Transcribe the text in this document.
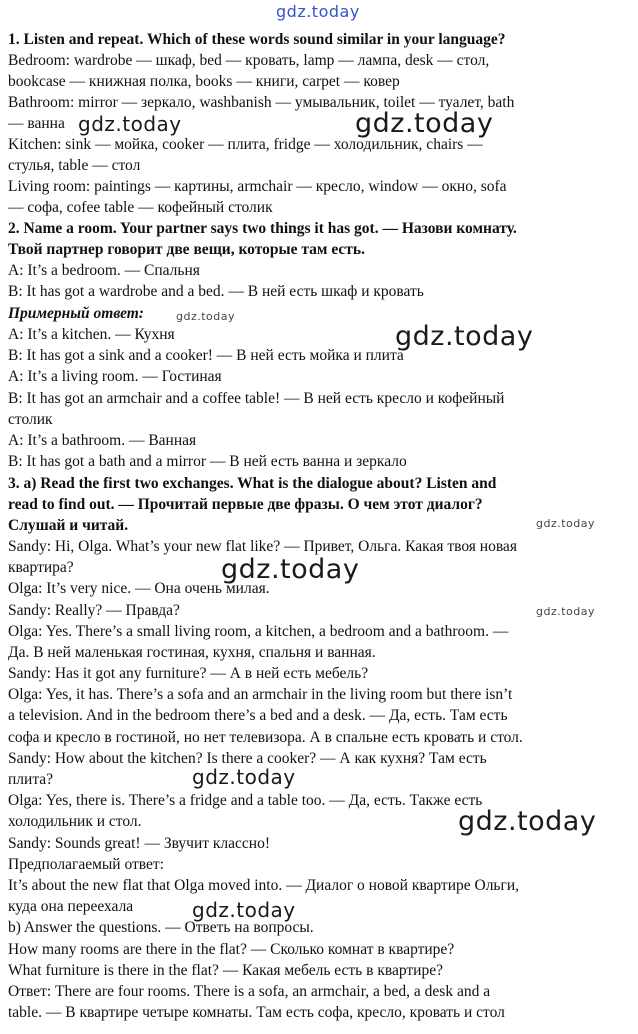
gdz.today
1. Listen and repeat. Which of these words sound similar in your language?
Bedroom: wardrobe — шкаф, bed — кровать, lamp — лампа, desk — стол,
bookcase — книжная полка, books — книги, carpet — ковер
Bathroom: mirror — зеркало, washbanish — умывальник, toilet — туалет, bath
— ванна
Kitchen: sink — мойка, cooker — плита, fridge — холодильник, chairs —
стулья, table — стол
Living room: paintings — картины, armchair — кресло, window — окно, sofa
— софа, cofee table — кофейный столик
2. Name a room. Your partner says two things it has got. — Назови комнату.
Твой партнер говорит две вещи, которые там есть.
A: It’s a bedroom. — Спальня
B: It has got a wardrobe and a bed. — В ней есть шкаф и кровать
Примерный ответ:
A: It’s a kitchen. — Кухня
B: It has got a sink and a cooker! — В ней есть мойка и плита
A: It’s a living room. — Гостиная
B: It has got an armchair and a coffee table! — В ней есть кресло и кофейный
столик
A: It’s a bathroom. — Ванная
B: It has got a bath and a mirror — В ней есть ванна и зеркало
3. a) Read the first two exchanges. What is the dialogue about? Listen and
read to find out. — Прочитай первые две фразы. О чем этот диалог?
Слушай и читай.
Sandy: Hi, Olga. What’s your new flat like? — Привет, Ольга. Какая твоя новая
квартира?
Olga: It’s very nice. — Она очень милая.
Sandy: Really? — Правда?
Olga: Yes. There’s a small living room, a kitchen, a bedroom and a bathroom. —
Да. В ней маленькая гостиная, кухня, спальня и ванная.
Sandy: Has it got any furniture? — А в ней есть мебель?
Olga: Yes, it has. There’s a sofa and an armchair in the living room but there isn’t
a television. And in the bedroom there’s a bed and a desk. — Да, есть. Там есть
софа и кресло в гостиной, но нет телевизора. А в спальне есть кровать и стол.
Sandy: How about the kitchen? Is there a cooker? — А как кухня? Там есть
плита?
Olga: Yes, there is. There’s a fridge and a table too. — Да, есть. Также есть
холодильник и стол.
Sandy: Sounds great! — Звучит классно!
Предполагаемый ответ:
It’s about the new flat that Olga moved into. — Диалог о новой квартире Ольги,
куда она переехала
b) Answer the questions. — Ответь на вопросы.
How many rooms are there in the flat? — Сколько комнат в квартире?
What furniture is there in the flat? — Какая мебель есть в квартире?
Ответ: There are four rooms. There is a sofa, an armchair, a bed, a desk and a
table. — В квартире четыре комнаты. Там есть софа, кресло, кровать и стол
gdz.today	gdz.today
gdz.today
gdz.today
gdz.today
gdz.today
gdz.today
gdz.today
gdz.today
gdz.today
